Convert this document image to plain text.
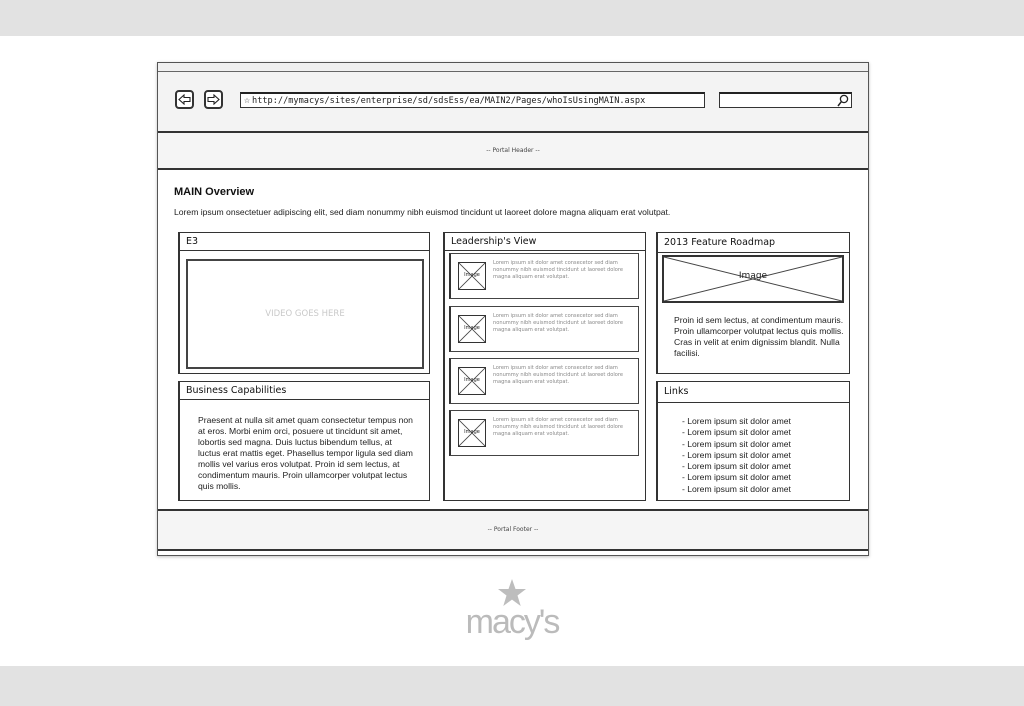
☆ http://mymacys/sites/enterprise/sd/sdsEss/ea/MAIN2/Pages/whoIsUsingMAIN.aspx
-- Portal Header --
MAIN Overview
Lorem ipsum onsectetuer adipiscing elit, sed diam nonummy nibh euismod tincidunt ut laoreet dolore magna aliquam erat volutpat.
E3
VIDEO GOES HERE
Business Capabilities
Praesent at nulla sit amet quam consectetur tempus non at eros. Morbi enim orci, posuere ut tincidunt sit amet, lobortis sed magna. Duis luctus bibendum tellus, at luctus erat mattis eget. Phasellus tempor ligula sed diam mollis vel varius eros volutpat. Proin id sem lectus, at condimentum mauris. Proin ullamcorper volutpat lectus quis mollis.
Leadership's View
Image
Lorem ipsum sit dolor amet consecetor sed diam nonummy nibh euismod tincidunt ut laoreet dolore magna aliquam erat volutpat.
Image
Lorem ipsum sit dolor amet consecetor sed diam nonummy nibh euismod tincidunt ut laoreet dolore magna aliquam erat volutpat.
Image
Lorem ipsum sit dolor amet consecetor sed diam nonummy nibh euismod tincidunt ut laoreet dolore magna aliquam erat volutpat.
Image
Lorem ipsum sit dolor amet consecetor sed diam nonummy nibh euismod tincidunt ut laoreet dolore magna aliquam erat volutpat.
2013 Feature Roadmap
Image
Proin id sem lectus, at condimentum mauris. Proin ullamcorper volutpat lectus quis mollis. Cras in velit at enim dignissim blandit. Nulla facilisi.
Links
- Lorem ipsum sit dolor amet
- Lorem ipsum sit dolor amet
- Lorem ipsum sit dolor amet
- Lorem ipsum sit dolor amet
- Lorem ipsum sit dolor amet
- Lorem ipsum sit dolor amet
- Lorem ipsum sit dolor amet
-- Portal Footer --
macy's
